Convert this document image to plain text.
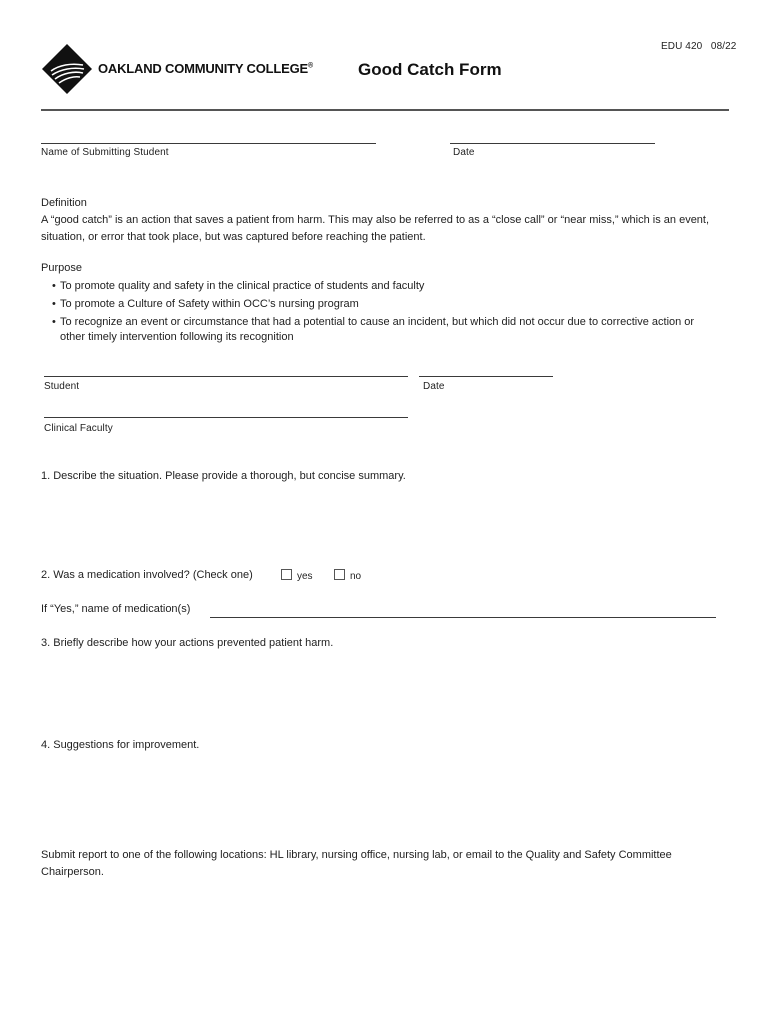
EDU 420   08/22
OAKLAND COMMUNITY COLLEGE®	Good Catch Form
Name of Submitting Student	Date
Definition
A “good catch” is an action that saves a patient from harm. This may also be referred to as a “close call” or “near miss,” which is an event, situation, or error that took place, but was captured before reaching the patient.
Purpose
• To promote quality and safety in the clinical practice of students and faculty
• To promote a Culture of Safety within OCC’s nursing program
• To recognize an event or circumstance that had a potential to cause an incident, but which did not occur due to corrective action or other timely intervention following its recognition
Student	Date
Clinical Faculty
1. Describe the situation. Please provide a thorough, but concise summary.
2. Was a medication involved? (Check one)	yes	no
If “Yes,” name of medication(s)
3. Briefly describe how your actions prevented patient harm.
4. Suggestions for improvement.
Submit report to one of the following locations: HL library, nursing office, nursing lab, or email to the Quality and Safety Committee Chairperson.
